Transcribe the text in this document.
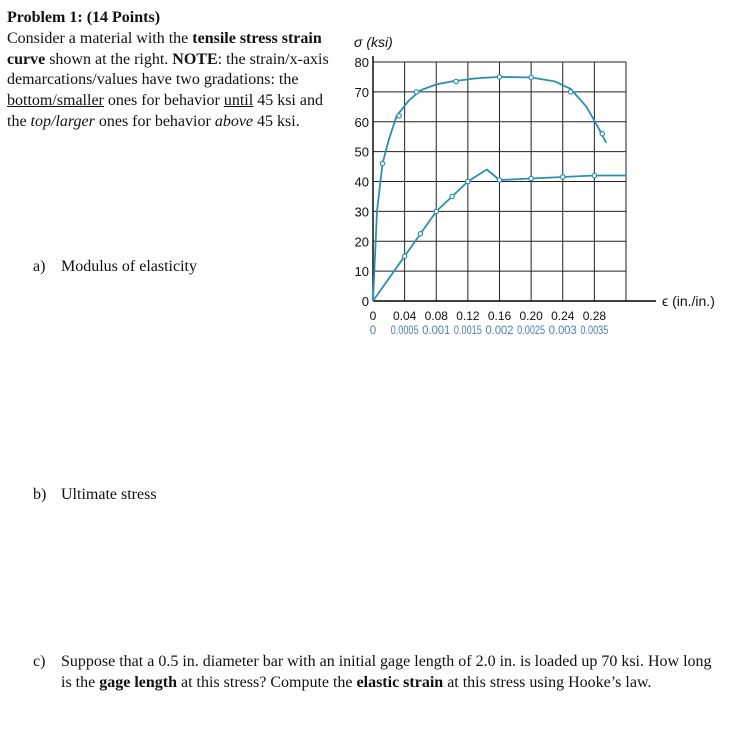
Problem 1: (14 Points)
Consider a material with the tensile stress strain curve shown at the right. NOTE: the strain/x-axis demarcations/values have two gradations: the bottom/smaller ones for behavior until 45 ksi and the top/larger ones for behavior above 45 ksi.
a) Modulus of elasticity
b) Ultimate stress
c) Suppose that a 0.5 in. diameter bar with an initial gage length of 2.0 in. is loaded up 70 ksi. How long is the gage length at this stress? Compute the elastic strain at this stress using Hooke’s law.
0
10
20
30
40
50
60
70
80
σ (ksi)
0 0.04 0.08 0.12 0.16 0.20 0.24 0.28
0 0.0005 0.001 0.0015 0.002 0.0025 0.003 0.0035
ϵ (in./in.)
